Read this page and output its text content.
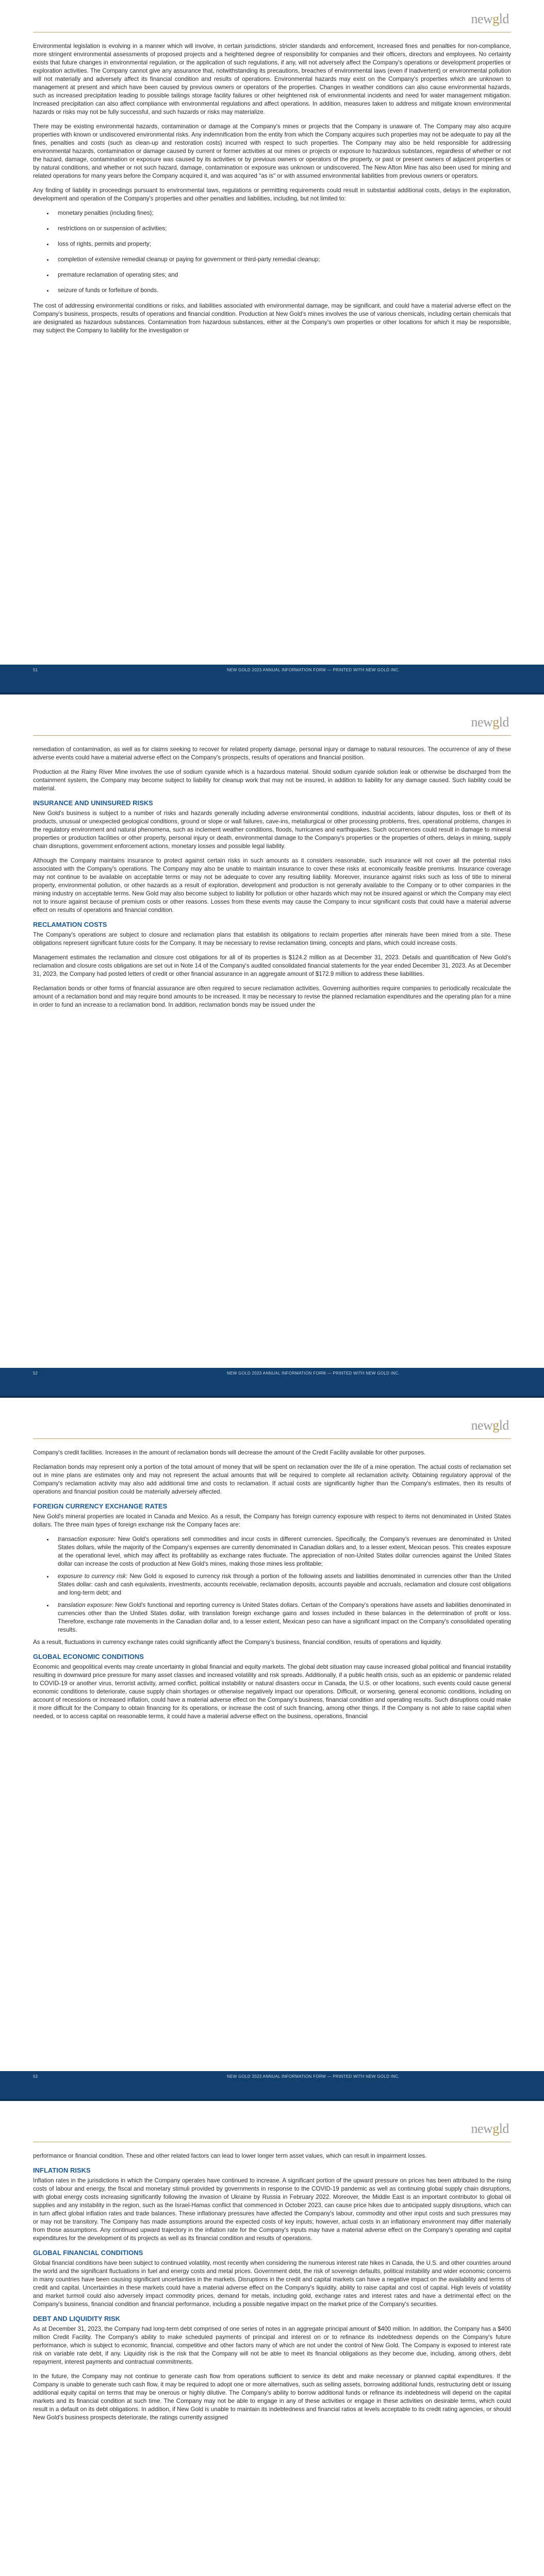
newgld

Environmental legislation is evolving in a manner which will involve, in certain jurisdictions, stricter standards and enforcement, increased fines and penalties for non-compliance, more stringent environmental assessments of proposed projects and a heightened degree of responsibility for companies and their officers, directors and employees. No certainty exists that future changes in environmental regulation, or the application of such regulations, if any, will not adversely affect the Company's operations or development properties or exploration activities. The Company cannot give any assurance that, notwithstanding its precautions, breaches of environmental laws (even if inadvertent) or environmental pollution will not materially and adversely affect its financial condition and results of operations. Environmental hazards may exist on the Company's properties which are unknown to management at present and which have been caused by previous owners or operators of the properties. Changes in weather conditions can also cause environmental hazards, such as increased precipitation leading to possible tailings storage facility failures or other heightened risk of environmental incidents and need for water management mitigation. Increased precipitation can also affect compliance with environmental regulations and affect operations. In addition, measures taken to address and mitigate known environmental hazards or risks may not be fully successful, and such hazards or risks may materialize.

There may be existing environmental hazards, contamination or damage at the Company's mines or projects that the Company is unaware of. The Company may also acquire properties with known or undiscovered environmental risks. Any indemnification from the entity from which the Company acquires such properties may not be adequate to pay all the fines, penalties and costs (such as clean-up and restoration costs) incurred with respect to such properties. The Company may also be held responsible for addressing environmental hazards, contamination or damage caused by current or former activities at our mines or projects or exposure to hazardous substances, regardless of whether or not the hazard, damage, contamination or exposure was caused by its activities or by previous owners or operators of the property, or past or present owners of adjacent properties or by natural conditions, and whether or not such hazard, damage, contamination or exposure was unknown or undiscovered. The New Afton Mine has also been used for mining and related operations for many years before the Company acquired it, and was acquired "as is" or with assumed environmental liabilities from previous owners or operators.

Any finding of liability in proceedings pursuant to environmental laws, regulations or permitting requirements could result in substantial additional costs, delays in the exploration, development and operation of the Company's properties and other penalties and liabilities, including, but not limited to:

• monetary penalties (including fines);
• restrictions on or suspension of activities;
• loss of rights, permits and property;
• completion of extensive remedial cleanup or paying for government or third-party remedial cleanup;
• premature reclamation of operating sites; and
• seizure of funds or forfeiture of bonds.

The cost of addressing environmental conditions or risks, and liabilities associated with environmental damage, may be significant, and could have a material adverse effect on the Company's business, prospects, results of operations and financial condition. Production at New Gold's mines involves the use of various chemicals, including certain chemicals that are designated as hazardous substances. Contamination from hazardous substances, either at the Company's own properties or other locations for which it may be responsible, may subject the Company to liability for the investigation or

51	NEW GOLD 2023 ANNUAL INFORMATION FORM — PRINTED WITH NEW GOLD INC.
newgld

remediation of contamination, as well as for claims seeking to recover for related property damage, personal injury or damage to natural resources. The occurrence of any of these adverse events could have a material adverse effect on the Company's prospects, results of operations and financial position.

Production at the Rainy River Mine involves the use of sodium cyanide which is a hazardous material. Should sodium cyanide solution leak or otherwise be discharged from the containment system, the Company may become subject to liability for cleanup work that may not be insured, in addition to liability for any damage caused. Such liability could be material.

INSURANCE AND UNINSURED RISKS

New Gold's business is subject to a number of risks and hazards generally including adverse environmental conditions, industrial accidents, labour disputes, loss or theft of its products, unusual or unexpected geological conditions, ground or slope or wall failures, cave-ins, metallurgical or other processing problems, fires, operational problems, changes in the regulatory environment and natural phenomena, such as inclement weather conditions, floods, hurricanes and earthquakes. Such occurrences could result in damage to mineral properties or production facilities or other property, personal injury or death, environmental damage to the Company's properties or the properties of others, delays in mining, supply chain disruptions, government enforcement actions, monetary losses and possible legal liability.

Although the Company maintains insurance to protect against certain risks in such amounts as it considers reasonable, such insurance will not cover all the potential risks associated with the Company's operations. The Company may also be unable to maintain insurance to cover these risks at economically feasible premiums. Insurance coverage may not continue to be available on acceptable terms or may not be adequate to cover any resulting liability. Moreover, insurance against risks such as loss of title to mineral property, environmental pollution, or other hazards as a result of exploration, development and production is not generally available to the Company or to other companies in the mining industry on acceptable terms. New Gold may also become subject to liability for pollution or other hazards which may not be insured against or which the Company may elect not to insure against because of premium costs or other reasons. Losses from these events may cause the Company to incur significant costs that could have a material adverse effect on results of operations and financial condition.

RECLAMATION COSTS

The Company's operations are subject to closure and reclamation plans that establish its obligations to reclaim properties after minerals have been mined from a site. These obligations represent significant future costs for the Company. It may be necessary to revise reclamation timing, concepts and plans, which could increase costs.

Management estimates the reclamation and closure cost obligations for all of its properties is $124.2 million as at December 31, 2023. Details and quantification of New Gold's reclamation and closure costs obligations are set out in Note 14 of the Company's audited consolidated financial statements for the year ended December 31, 2023. As at December 31, 2023, the Company had posted letters of credit or other financial assurance in an aggregate amount of $172.9 million to address these liabilities.

Reclamation bonds or other forms of financial assurance are often required to secure reclamation activities. Governing authorities require companies to periodically recalculate the amount of a reclamation bond and may require bond amounts to be increased. It may be necessary to revise the planned reclamation expenditures and the operating plan for a mine in order to fund an increase to a reclamation bond. In addition, reclamation bonds may be issued under the

52	NEW GOLD 2023 ANNUAL INFORMATION FORM — PRINTED WITH NEW GOLD INC.
newgld

Company's credit facilities. Increases in the amount of reclamation bonds will decrease the amount of the Credit Facility available for other purposes.

Reclamation bonds may represent only a portion of the total amount of money that will be spent on reclamation over the life of a mine operation. The actual costs of reclamation set out in mine plans are estimates only and may not represent the actual amounts that will be required to complete all reclamation activity. Obtaining regulatory approval of the Company's reclamation activity may also add additional time and costs to reclamation. If actual costs are significantly higher than the Company's estimates, then its results of operations and financial position could be materially adversely affected.

FOREIGN CURRENCY EXCHANGE RATES

New Gold's mineral properties are located in Canada and Mexico. As a result, the Company has foreign currency exposure with respect to items not denominated in United States dollars. The three main types of foreign exchange risk the Company faces are:

• transaction exposure: New Gold's operations sell commodities and incur costs in different currencies. Specifically, the Company's revenues are denominated in United States dollars, while the majority of the Company's expenses are currently denominated in Canadian dollars and, to a lesser extent, Mexican pesos. This creates exposure at the operational level, which may affect its profitability as exchange rates fluctuate. The appreciation of non-United States dollar currencies against the United States dollar can increase the costs of production at New Gold's mines, making those mines less profitable;
• exposure to currency risk: New Gold is exposed to currency risk through a portion of the following assets and liabilities denominated in currencies other than the United States dollar: cash and cash equivalents, investments, accounts receivable, reclamation deposits, accounts payable and accruals, reclamation and closure cost obligations and long-term debt; and
• translation exposure: New Gold's functional and reporting currency is United States dollars. Certain of the Company's operations have assets and liabilities denominated in currencies other than the United States dollar, with translation foreign exchange gains and losses included in these balances in the determination of profit or loss. Therefore, exchange rate movements in the Canadian dollar and, to a lesser extent, Mexican peso can have a significant impact on the Company's consolidated operating results.

As a result, fluctuations in currency exchange rates could significantly affect the Company's business, financial condition, results of operations and liquidity.

GLOBAL ECONOMIC CONDITIONS

Economic and geopolitical events may create uncertainty in global financial and equity markets. The global debt situation may cause increased global political and financial instability resulting in downward price pressure for many asset classes and increased volatility and risk spreads. Additionally, if a public health crisis, such as an epidemic or pandemic related to COVID-19 or another virus, terrorist activity, armed conflict, political instability or natural disasters occur in Canada, the U.S. or other locations, such events could cause general economic conditions to deteriorate, cause supply chain shortages or otherwise negatively impact our operations. Difficult, or worsening, general economic conditions, including on account of recessions or increased inflation, could have a material adverse effect on the Company's business, financial condition and operating results. Such disruptions could make it more difficult for the Company to obtain financing for its operations, or increase the cost of such financing, among other things. If the Company is not able to raise capital when needed, or to access capital on reasonable terms, it could have a material adverse effect on the business, operations, financial

53	NEW GOLD 2023 ANNUAL INFORMATION FORM — PRINTED WITH NEW GOLD INC.
newgld

performance or financial condition. These and other related factors can lead to lower longer term asset values, which can result in impairment losses.

INFLATION RISKS

Inflation rates in the jurisdictions in which the Company operates have continued to increase. A significant portion of the upward pressure on prices has been attributed to the rising costs of labour and energy, the fiscal and monetary stimuli provided by governments in response to the COVID-19 pandemic as well as continuing global supply chain disruptions, with global energy costs increasing significantly following the invasion of Ukraine by Russia in February 2022. Moreover, the Middle East is an important contributor to global oil supplies and any instability in the region, such as the Israel-Hamas conflict that commenced in October 2023, can cause price hikes due to anticipated supply disruptions, which can in turn affect global inflation rates and trade balances. These inflationary pressures have affected the Company's labour, commodity and other input costs and such pressures may or may not be transitory. The Company has made assumptions around the expected costs of key inputs; however, actual costs in an inflationary environment may differ materially from those assumptions. Any continued upward trajectory in the inflation rate for the Company's inputs may have a material adverse effect on the Company's operating and capital expenditures for the development of its projects as well as its financial condition and results of operations.

GLOBAL FINANCIAL CONDITIONS

Global financial conditions have been subject to continued volatility, most recently when considering the numerous interest rate hikes in Canada, the U.S. and other countries around the world and the significant fluctuations in fuel and energy costs and metal prices. Government debt, the risk of sovereign defaults, political instability and wider economic concerns in many countries have been causing significant uncertainties in the markets. Disruptions in the credit and capital markets can have a negative impact on the availability and terms of credit and capital. Uncertainties in these markets could have a material adverse effect on the Company's liquidity, ability to raise capital and cost of capital. High levels of volatility and market turmoil could also adversely impact commodity prices, demand for metals, including gold, exchange rates and interest rates and have a detrimental effect on the Company's business, financial condition and financial performance, including a possible negative impact on the market price of the Company's securities.

DEBT AND LIQUIDITY RISK

As at December 31, 2023, the Company had long-term debt comprised of one series of notes in an aggregate principal amount of $400 million. In addition, the Company has a $400 million Credit Facility. The Company's ability to make scheduled payments of principal and interest on or to refinance its indebtedness depends on the Company's future performance, which is subject to economic, financial, competitive and other factors many of which are not under the control of New Gold. The Company is exposed to interest rate risk on variable rate debt, if any. Liquidity risk is the risk that the Company will not be able to meet its financial obligations as they become due, including, among others, debt repayment, interest payments and contractual commitments.

In the future, the Company may not continue to generate cash flow from operations sufficient to service its debt and make necessary or planned capital expenditures. If the Company is unable to generate such cash flow, it may be required to adopt one or more alternatives, such as selling assets, borrowing additional funds, restructuring debt or issuing additional equity capital on terms that may be onerous or highly dilutive. The Company's ability to borrow additional funds or refinance its indebtedness will depend on the capital markets and its financial condition at such time. The Company may not be able to engage in any of these activities or engage in these activities on desirable terms, which could result in a default on its debt obligations. In addition, if New Gold is unable to maintain its indebtedness and financial ratios at levels acceptable to its credit rating agencies, or should New Gold's business prospects deteriorate, the ratings currently assigned
